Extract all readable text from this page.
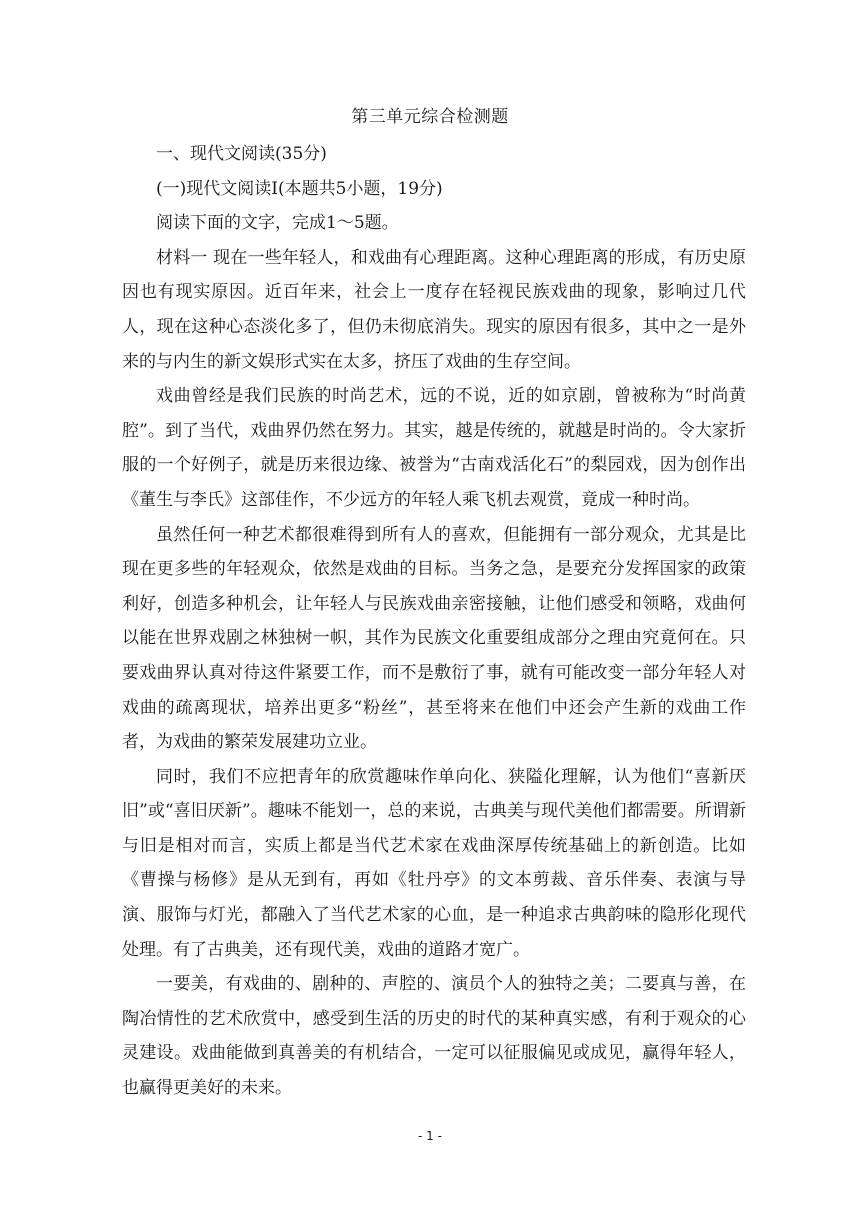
第三单元综合检测题

一、现代文阅读(35分)

(一)现代文阅读Ⅰ(本题共5小题，19分)

阅读下面的文字，完成1～5题。

材料一 现在一些年轻人，和戏曲有心理距离。这种心理距离的形成，有历史原因也有现实原因。近百年来，社会上一度存在轻视民族戏曲的现象，影响过几代人，现在这种心态淡化多了，但仍未彻底消失。现实的原因有很多，其中之一是外来的与内生的新文娱形式实在太多，挤压了戏曲的生存空间。

戏曲曾经是我们民族的时尚艺术，远的不说，近的如京剧，曾被称为“时尚黄腔”。到了当代，戏曲界仍然在努力。其实，越是传统的，就越是时尚的。令大家折服的一个好例子，就是历来很边缘、被誉为“古南戏活化石”的梨园戏，因为创作出《董生与李氏》这部佳作，不少远方的年轻人乘飞机去观赏，竟成一种时尚。

虽然任何一种艺术都很难得到所有人的喜欢，但能拥有一部分观众，尤其是比现在更多些的年轻观众，依然是戏曲的目标。当务之急，是要充分发挥国家的政策利好，创造多种机会，让年轻人与民族戏曲亲密接触，让他们感受和领略，戏曲何以能在世界戏剧之林独树一帜，其作为民族文化重要组成部分之理由究竟何在。只要戏曲界认真对待这件紧要工作，而不是敷衍了事，就有可能改变一部分年轻人对戏曲的疏离现状，培养出更多“粉丝”，甚至将来在他们中还会产生新的戏曲工作者，为戏曲的繁荣发展建功立业。

同时，我们不应把青年的欣赏趣味作单向化、狭隘化理解，认为他们“喜新厌旧”或“喜旧厌新”。趣味不能划一，总的来说，古典美与现代美他们都需要。所谓新与旧是相对而言，实质上都是当代艺术家在戏曲深厚传统基础上的新创造。比如《曹操与杨修》是从无到有，再如《牡丹亭》的文本剪裁、音乐伴奏、表演与导演、服饰与灯光，都融入了当代艺术家的心血，是一种追求古典韵味的隐形化现代处理。有了古典美，还有现代美，戏曲的道路才宽广。

一要美，有戏曲的、剧种的、声腔的、演员个人的独特之美；二要真与善，在陶冶情性的艺术欣赏中，感受到生活的历史的时代的某种真实感，有利于观众的心灵建设。戏曲能做到真善美的有机结合，一定可以征服偏见或成见，赢得年轻人，也赢得更美好的未来。

- 1 -
